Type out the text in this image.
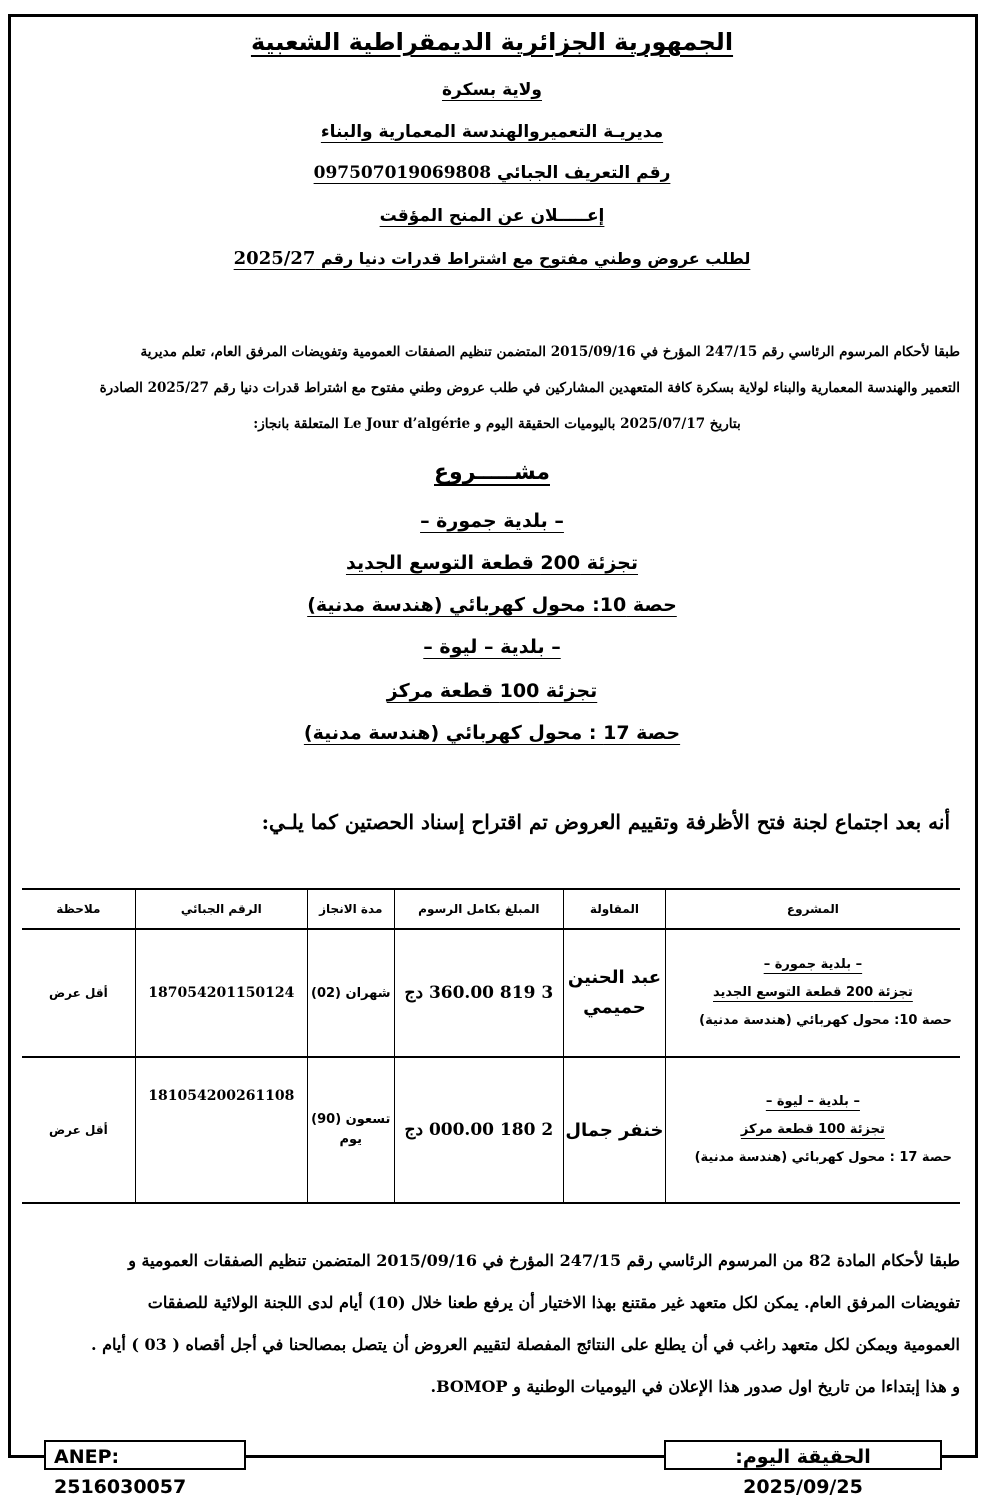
الجمهورية الجزائرية الديمقراطية الشعبية
ولاية بسكرة
مديريـة التعميروالهندسة المعمارية والبناء
رقم التعريف الجبائي 097507019069808
إعـــــلان عن المنح المؤقت
لطلب عروض وطني مفتوح مع اشتراط قدرات دنيا رقم 2025/27
طبقا لأحكام المرسوم الرئاسي رقم 247/15 المؤرخ في 2015/09/16 المتضمن تنظيم الصفقات العمومية وتفويضات المرفق العام، تعلم مديرية
التعمير والهندسة المعمارية والبناء لولاية بسكرة كافة المتعهدين المشاركين في طلب عروض وطني مفتوح مع اشتراط قدرات دنيا رقم 2025/27 الصادرة
بتاريخ 2025/07/17 باليوميات الحقيقة اليوم و Le Jour d’algérie المتعلقة بانجاز:
مشـــــروع
– بلدية جمورة –
تجزئة 200 قطعة التوسع الجديد
حصة 10: محول كهربائي (هندسة مدنية)
– بلدية – ليوة –
تجزئة 100 قطعة مركز
حصة 17 : محول كهربائي (هندسة مدنية)
أنه بعد اجتماع لجنة فتح الأظرفة وتقييم العروض تم اقتراح إسناد الحصتين كما يلـي:
المشروع	المقاولة	المبلغ بكامل الرسوم	مدة الانجاز	الرقم الجبائي	ملاحظة

– بلدية جمورة –
تجزئة 200 قطعة التوسع الجديد
حصة 10: محول كهربائي (هندسة مدنية)	عبد الحنين حميمي	3 819 360.00 دج	شهران (02)	187054201150124	أقل عرض

– بلدية – ليوة –
تجزئة 100 قطعة مركز
حصة 17 : محول كهربائي (هندسة مدنية)	خنفر جمال	2 180 000.00 دج	تسعون (90) يوم	181054200261108	أقل عرض
طبقا لأحكام المادة 82 من المرسوم الرئاسي رقم 247/15 المؤرخ في 2015/09/16 المتضمن تنظيم الصفقات العمومية و
تفويضات المرفق العام. يمكن لكل متعهد غير مقتنع بهذا الاختيار أن يرفع طعنا خلال (10) أيام لدى اللجنة الولائية للصفقات
العمومية ويمكن لكل متعهد راغب في أن يطلع على النتائج المفصلة لتقييم العروض أن يتصل بمصالحنا في أجل أقصاه ( 03 ) أيام .
و هذا إبتداءا من تاريخ اول صدور هذا الإعلان في اليوميات الوطنية و BOMOP.
ANEP: 2516030057
الحقيقة اليوم: 2025/09/25
